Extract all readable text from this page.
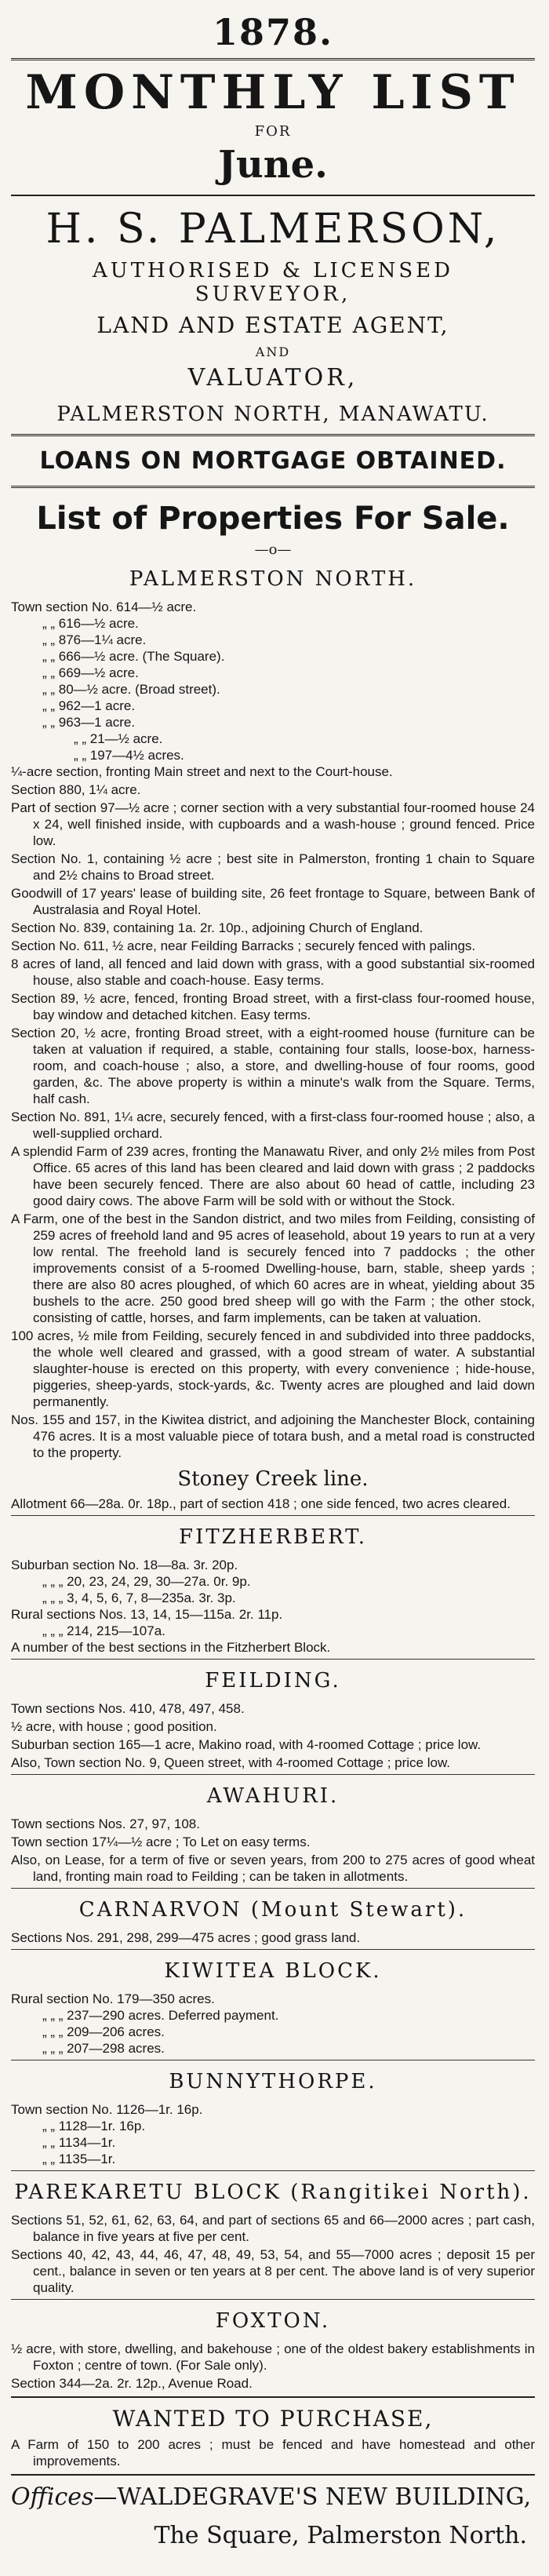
1878.
MONTHLY LIST
FOR
June.
H. S. PALMERSON,
AUTHORISED & LICENSED SURVEYOR,
LAND AND ESTATE AGENT,
AND
VALUATOR,
PALMERSTON NORTH, MANAWATU.
LOANS ON MORTGAGE OBTAINED.
List of Properties For Sale.
—o—
PALMERSTON NORTH.

Town section No. 614—½ acre.

„ „ 616—½ acre.

„ „ 876—1¼ acre.

„ „ 666—½ acre. (The Square).

„ „ 669—½ acre.

„ „ 80—½ acre. (Broad street).

„ „ 962—1 acre.

„ „ 963—1 acre.

„ „ 21—½ acre.

„ „ 197—4½ acres.

¼-acre section, fronting Main street and next to the Court-house.

Section 880, 1¼ acre.

Part of section 97—½ acre ; corner section with a very substantial four-roomed house 24 x 24, well finished inside, with cupboards and a wash-house ; ground fenced. Price low.

Section No. 1, containing ½ acre ; best site in Palmerston, fronting 1 chain to Square and 2½ chains to Broad street.

Goodwill of 17 years' lease of building site, 26 feet frontage to Square, between Bank of Australasia and Royal Hotel.

Section No. 839, containing 1a. 2r. 10p., adjoining Church of England.

Section No. 611, ½ acre, near Feilding Barracks ; securely fenced with palings.

8 acres of land, all fenced and laid down with grass, with a good substantial six-roomed house, also stable and coach-house. Easy terms.

Section 89, ½ acre, fenced, fronting Broad street, with a first-class four-roomed house, bay window and detached kitchen. Easy terms.

Section 20, ½ acre, fronting Broad street, with a eight-roomed house (furniture can be taken at valuation if required, a stable, containing four stalls, loose-box, harness-room, and coach-house ; also, a store, and dwelling-house of four rooms, good garden, &c. The above property is within a minute's walk from the Square. Terms, half cash.

Section No. 891, 1¼ acre, securely fenced, with a first-class four-roomed house ; also, a well-supplied orchard.

A splendid Farm of 239 acres, fronting the Manawatu River, and only 2½ miles from Post Office. 65 acres of this land has been cleared and laid down with grass ; 2 paddocks have been securely fenced. There are also about 60 head of cattle, including 23 good dairy cows. The above Farm will be sold with or without the Stock.

A Farm, one of the best in the Sandon district, and two miles from Feilding, consisting of 259 acres of freehold land and 95 acres of leasehold, about 19 years to run at a very low rental. The freehold land is securely fenced into 7 paddocks ; the other improvements consist of a 5-roomed Dwelling-house, barn, stable, sheep yards ; there are also 80 acres ploughed, of which 60 acres are in wheat, yielding about 35 bushels to the acre. 250 good bred sheep will go with the Farm ; the other stock, consisting of cattle, horses, and farm implements, can be taken at valuation.

100 acres, ½ mile from Feilding, securely fenced in and subdivided into three paddocks, the whole well cleared and grassed, with a good stream of water. A substantial slaughter-house is erected on this property, with every convenience ; hide-house, piggeries, sheep-yards, stock-yards, &c. Twenty acres are ploughed and laid down permanently.

Nos. 155 and 157, in the Kiwitea district, and adjoining the Manchester Block, containing 476 acres. It is a most valuable piece of totara bush, and a metal road is constructed to the property.

Stoney Creek line.

Allotment 66—28a. 0r. 18p., part of section 418 ; one side fenced, two acres cleared.

FITZHERBERT.

Suburban section No. 18—8a. 3r. 20p.

„ „ „ 20, 23, 24, 29, 30—27a. 0r. 9p.

„ „ „ 3, 4, 5, 6, 7, 8—235a. 3r. 3p.

Rural sections Nos. 13, 14, 15—115a. 2r. 11p.

„ „ „ 214, 215—107a.

A number of the best sections in the Fitzherbert Block.

FEILDING.

Town sections Nos. 410, 478, 497, 458.

½ acre, with house ; good position.

Suburban section 165—1 acre, Makino road, with 4-roomed Cottage ; price low.

Also, Town section No. 9, Queen street, with 4-roomed Cottage ; price low.

AWAHURI.

Town sections Nos. 27, 97, 108.

Town section 17¼—½ acre ; To Let on easy terms.

Also, on Lease, for a term of five or seven years, from 200 to 275 acres of good wheat land, fronting main road to Feilding ; can be taken in allotments.

CARNARVON (Mount Stewart).

Sections Nos. 291, 298, 299—475 acres ; good grass land.

KIWITEA BLOCK.

Rural section No. 179—350 acres.

„ „ „ 237—290 acres. Deferred payment.

„ „ „ 209—206 acres.

„ „ „ 207—298 acres.

BUNNYTHORPE.

Town section No. 1126—1r. 16p.

„ „ 1128—1r. 16p.

„ „ 1134—1r.

„ „ 1135—1r.

PAREKARETU BLOCK (Rangitikei North).

Sections 51, 52, 61, 62, 63, 64, and part of sections 65 and 66—2000 acres ; part cash, balance in five years at five per cent.

Sections 40, 42, 43, 44, 46, 47, 48, 49, 53, 54, and 55—7000 acres ; deposit 15 per cent., balance in seven or ten years at 8 per cent. The above land is of very superior quality.

FOXTON.

½ acre, with store, dwelling, and bakehouse ; one of the oldest bakery establishments in Foxton ; centre of town. (For Sale only).

Section 344—2a. 2r. 12p., Avenue Road.

WANTED TO PURCHASE,

A Farm of 150 to 200 acres ; must be fenced and have homestead and other improvements.

Offices—WALDEGRAVE'S NEW BUILDING,
The Square, Palmerston North.
